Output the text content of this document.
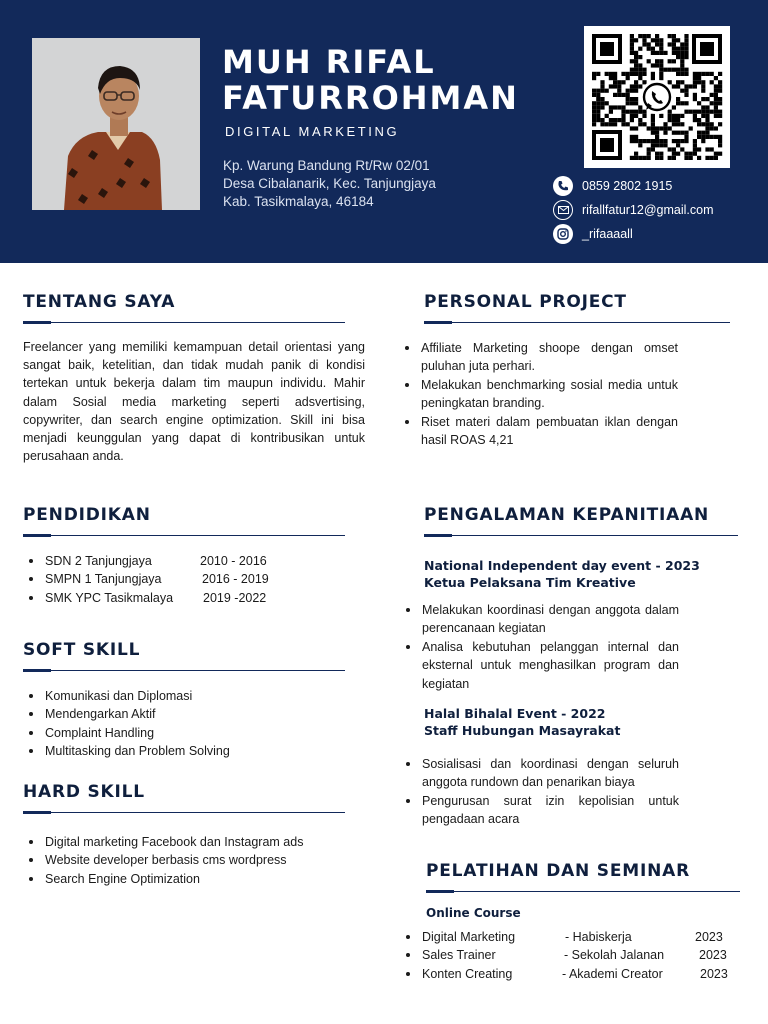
MUH RIFAL
FATURROHMAN
DIGITAL MARKETING
Kp. Warung Bandung Rt/Rw 02/01
Desa Cibalanarik, Kec. Tanjungjaya
Kab. Tasikmalaya, 46184
0859 2802 1915
rifallfatur12@gmail.com
_rifaaaall
TENTANG SAYA

Freelancer yang memiliki kemampuan detail orientasi yang sangat baik, ketelitian, dan tidak mudah panik di kondisi tertekan untuk bekerja dalam tim maupun individu. Mahir dalam Sosial media marketing seperti adsvertising, copywriter, dan search engine optimization. Skill ini bisa menjadi keunggulan yang dapat di kontribusikan untuk perusahaan anda.

PENDIDIKAN
SDN 2 Tanjungjaya	2010 - 2016
SMPN 1 Tanjungjaya	2016 - 2019
SMK YPC Tasikmalaya	2019 -2022
SOFT SKILL
Komunikasi dan Diplomasi
Mendengarkan Aktif
Complaint Handling
Multitasking dan Problem Solving
HARD SKILL
Digital marketing Facebook dan Instagram ads
Website developer berbasis cms wordpress
Search Engine Optimization
PERSONAL PROJECT
Affiliate Marketing shoope dengan omset puluhan juta perhari.
Melakukan benchmarking sosial media untuk peningkatan branding.
Riset materi dalam pembuatan iklan dengan hasil ROAS 4,21
PENGALAMAN KEPANITIAAN
National Independent day event - 2023
Ketua Pelaksana Tim Kreative
Melakukan koordinasi dengan anggota dalam perencanaan kegiatan
Analisa kebutuhan pelanggan internal dan eksternal untuk menghasilkan program dan kegiatan
Halal Bihalal Event - 2022
Staff Hubungan Masayrakat
Sosialisasi dan koordinasi dengan seluruh anggota rundown dan penarikan biaya
Pengurusan surat izin kepolisian untuk pengadaan acara
PELATIHAN DAN SEMINAR
Online Course
Digital Marketing	- Habiskerja	2023
Sales Trainer	- Sekolah Jalanan	2023
Konten Creating	- Akademi Creator	2023
